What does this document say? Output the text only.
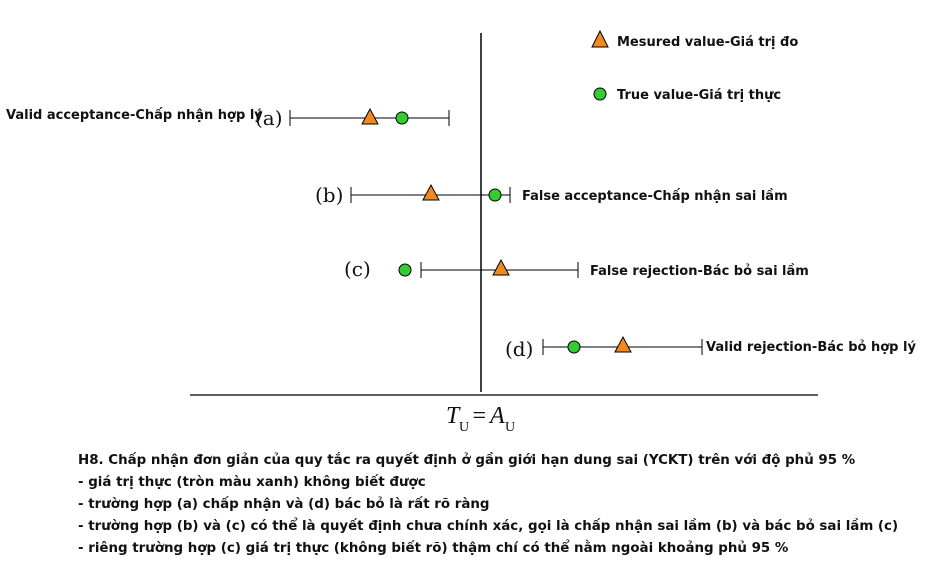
Mesured value-Giá trị đo
True value-Giá trị thực
T U = A U
Valid acceptance-Chấp nhận hợp lý
(a)
(b)	False acceptance-Chấp nhận sai lầm
(c)	False rejection-Bác bỏ sai lầm
(d)	Valid rejection-Bác bỏ hợp lý
H8. Chấp nhận đơn giản của quy tắc ra quyết định ở gần giới hạn dung sai (YCKT) trên với độ phủ 95 %
- giá trị thực (tròn màu xanh) không biết được
- trường hợp (a) chấp nhận và (d) bác bỏ là rất rõ ràng
- trường hợp (b) và (c) có thể là quyết định chưa chính xác, gọi là chấp nhận sai lầm (b) và bác bỏ sai lầm (c)
- riêng trường hợp (c) giá trị thực (không biết rõ) thậm chí có thể nằm ngoài khoảng phủ 95 %
